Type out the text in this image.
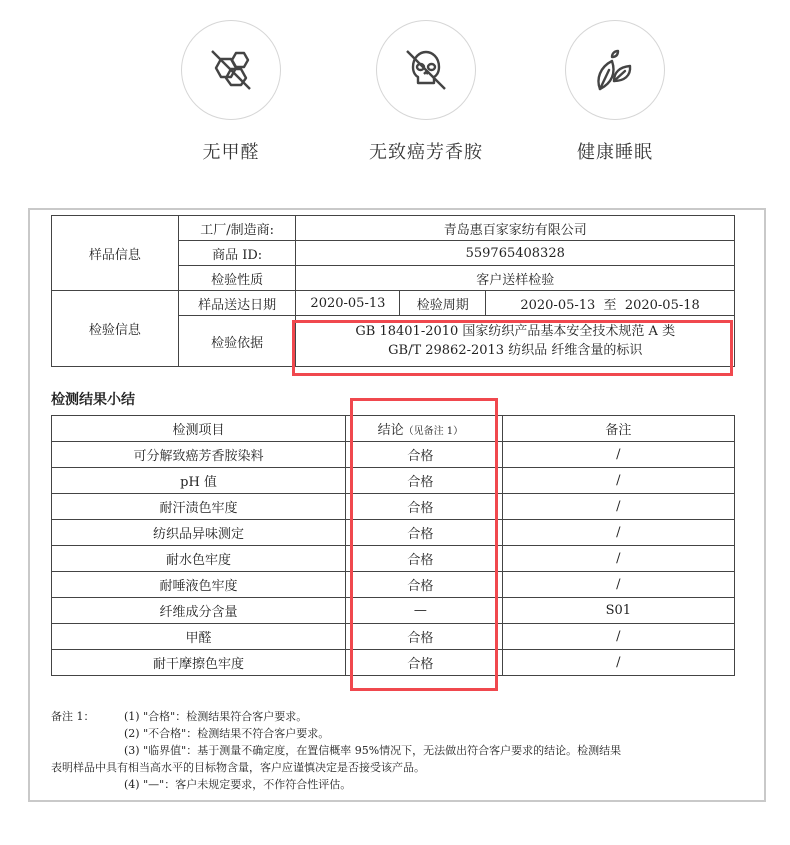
无甲醛	无致癌芳香胺	健康睡眠
样品信息	工厂/制造商:	青岛惠百家家纺有限公司		
	商品 ID:	559765408328		
	检验性质	客户送样检验		
检验信息	样品送达日期	2020-05-13	检验周期	2020-05-13  至  2020-05-18
	检验依据	GB 18401-2010 国家纺织产品基本安全技术规范 A 类
GB/T 29862-2013 纺织品 纤维含量的标识		
检测结果小结
检测项目	结论（见备注 1）		备注
可分解致癌芳香胺染料	合格		/
pH 值	合格		/
耐汗渍色牢度	合格		/
纺织品异味测定	合格		/
耐水色牢度	合格		/
耐唾液色牢度	合格		/
纤维成分含量	—		S01
甲醛	合格		/
耐干摩擦色牢度	合格		/
备注 1：	(1) "合格"：检测结果符合客户要求。
(2) "不合格"：检测结果不符合客户要求。
(3) "临界值"：基于测量不确定度，在置信概率 95%情况下，无法做出符合客户要求的结论。检测结果
表明样品中具有相当高水平的目标物含量，客户应谨慎决定是否接受该产品。
(4) "—"：客户未规定要求，不作符合性评估。
